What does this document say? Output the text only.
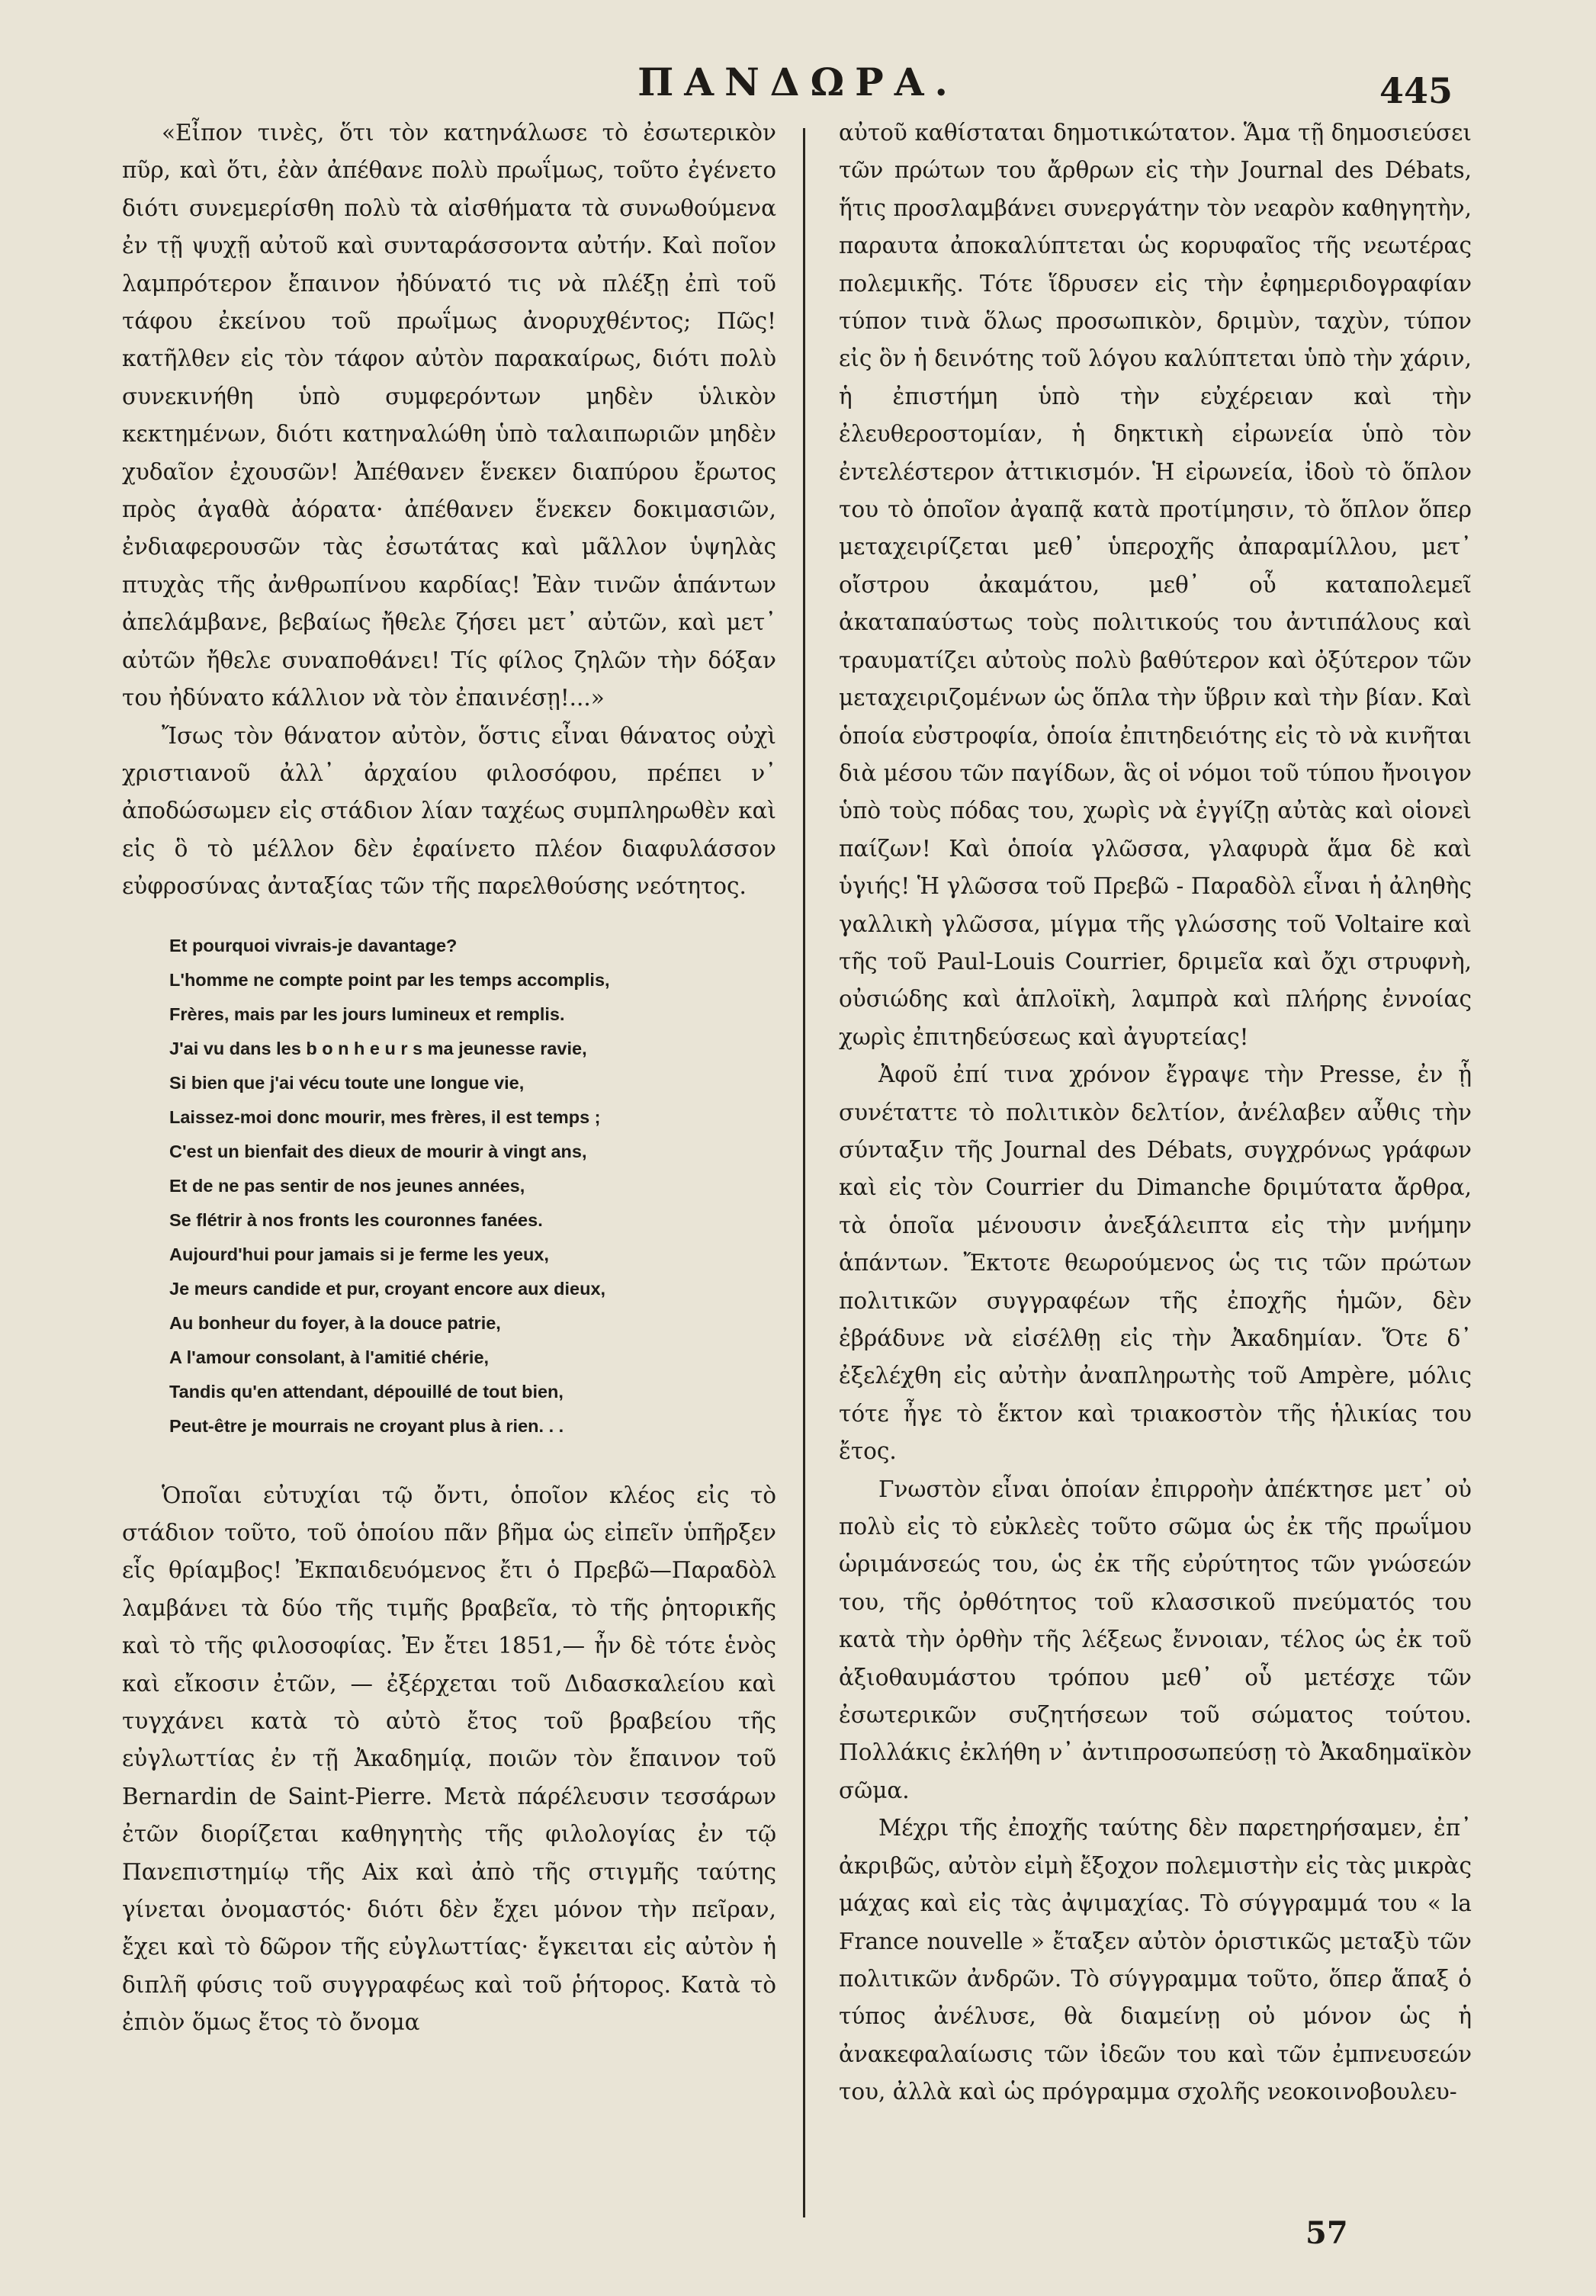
ΠΑΝΔΩΡΑ.	445

«Εἶπον τινὲς, ὅτι τὸν κατηνάλωσε τὸ ἐσωτερικὸν πῦρ, καὶ ὅτι, ἐὰν ἀπέθανε πολὺ πρωΐμως, τοῦτο ἐγένετο διότι συνεμερίσθη πολὺ τὰ αἰσθήματα τὰ συνωθούμενα ἐν τῇ ψυχῇ αὐτοῦ καὶ συνταράσσοντα αὐτήν. Καὶ ποῖον λαμπρότερον ἔπαινον ἠδύνατό τις νὰ πλέξῃ ἐπὶ τοῦ τάφου ἐκείνου τοῦ πρωΐμως ἀνορυχθέντος; Πῶς! κατῆλθεν εἰς τὸν τάφον αὐτὸν παρακαίρως, διότι πολὺ συνεκινήθη ὑπὸ συμφερόντων μηδὲν ὑλικὸν κεκτημένων, διότι κατηναλώθη ὑπὸ ταλαιπωριῶν μηδὲν χυδαῖον ἐχουσῶν! Ἀπέθανεν ἕνεκεν διαπύρου ἔρωτος πρὸς ἀγαθὰ ἀόρατα· ἀπέθανεν ἕνεκεν δοκιμασιῶν, ἐνδιαφερουσῶν τὰς ἐσωτάτας καὶ μᾶλλον ὑψηλὰς πτυχὰς τῆς ἀνθρωπίνου καρδίας! Ἐὰν τινῶν ἁπάντων ἀπελάμβανε, βεβαίως ἤθελε ζήσει μετ᾽ αὐτῶν, καὶ μετ᾽ αὐτῶν ἤθελε συναποθάνει! Τίς φίλος ζηλῶν τὴν δόξαν του ἠδύνατο κάλλιον νὰ τὸν ἐπαινέσῃ!...»

Ἴσως τὸν θάνατον αὐτὸν, ὅστις εἶναι θάνατος οὐχὶ χριστιανοῦ ἀλλ᾽ ἀρχαίου φιλοσόφου, πρέπει ν᾽ ἀποδώσωμεν εἰς στάδιον λίαν ταχέως συμπληρωθὲν καὶ εἰς ὃ τὸ μέλλον δὲν ἐφαίνετο πλέον διαφυλάσσον εὐφροσύνας ἀνταξίας τῶν τῆς παρελθούσης νεότητος.

Et pourquoi vivrais-je davantage?
L'homme ne compte point par les temps accomplis,
Frères, mais par les jours lumineux et remplis.
J'ai vu dans les b o n h e u r s ma jeunesse ravie,
Si bien que j'ai vécu toute une longue vie,
Laissez-moi donc mourir, mes frères, il est temps ;
C'est un bienfait des dieux de mourir à vingt ans,
Et de ne pas sentir de nos jeunes années,
Se flétrir à nos fronts les couronnes fanées.
Aujourd'hui pour jamais si je ferme les yeux,
Je meurs candide et pur, croyant encore aux dieux,
Au bonheur du foyer, à la douce patrie,
A l'amour consolant, à l'amitié chérie,
Tandis qu'en attendant, dépouillé de tout bien,
Peut-être je mourrais ne croyant plus à rien. . .

Ὁποῖαι εὐτυχίαι τῷ ὄντι, ὁποῖον κλέος εἰς τὸ στάδιον τοῦτο, τοῦ ὁποίου πᾶν βῆμα ὡς εἰπεῖν ὑπῆρξεν εἷς θρίαμβος! Ἐκπαιδευόμενος ἔτι ὁ Πρεβῶ—Παραδὸλ λαμβάνει τὰ δύο τῆς τιμῆς βραβεῖα, τὸ τῆς ῥητορικῆς καὶ τὸ τῆς φιλοσοφίας. Ἐν ἔτει 1851,— ἦν δὲ τότε ἑνὸς καὶ εἴκοσιν ἐτῶν, — ἐξέρχεται τοῦ Διδασκαλείου καὶ τυγχάνει κατὰ τὸ αὐτὸ ἔτος τοῦ βραβείου τῆς εὐγλωττίας ἐν τῇ Ἀκαδημίᾳ, ποιῶν τὸν ἔπαινον τοῦ Bernardin de Saint-Pierre. Μετὰ πάρέλευσιν τεσσάρων ἐτῶν διορίζεται καθηγητὴς τῆς φιλολογίας ἐν τῷ Πανεπιστημίῳ τῆς Aix καὶ ἀπὸ τῆς στιγμῆς ταύτης γίνεται ὀνομαστός· διότι δὲν ἔχει μόνον τὴν πεῖραν, ἔχει καὶ τὸ δῶρον τῆς εὐγλωττίας· ἔγκειται εἰς αὐτὸν ἡ διπλῆ φύσις τοῦ συγγραφέως καὶ τοῦ ῥήτορος. Κατὰ τὸ ἐπιὸν ὅμως ἔτος τὸ ὄνομα

αὐτοῦ καθίσταται δημοτικώτατον. Ἅμα τῇ δημοσιεύσει τῶν πρώτων του ἄρθρων εἰς τὴν Journal des Débats, ἥτις προσλαμβάνει συνεργάτην τὸν νεαρὸν καθηγητὴν, παραυτα ἀποκαλύπτεται ὡς κορυφαῖος τῆς νεωτέρας πολεμικῆς. Τότε ἵδρυσεν εἰς τὴν ἐφημεριδογραφίαν τύπον τινὰ ὅλως προσωπικὸν, δριμὺν, ταχὺν, τύπον εἰς ὃν ἡ δεινότης τοῦ λόγου καλύπτεται ὑπὸ τὴν χάριν, ἡ ἐπιστήμη ὑπὸ τὴν εὐχέρειαν καὶ τὴν ἐλευθεροστομίαν, ἡ δηκτικὴ εἰρωνεία ὑπὸ τὸν ἐντελέστερον ἀττικισμόν. Ἡ εἰρωνεία, ἰδοὺ τὸ ὅπλον του τὸ ὁποῖον ἀγαπᾷ κατὰ προτίμησιν, τὸ ὅπλον ὅπερ μεταχειρίζεται μεθ᾽ ὑπεροχῆς ἀπαραμίλλου, μετ᾽ οἴστρου ἀκαμάτου, μεθ᾽ οὗ καταπολεμεῖ ἀκαταπαύστως τοὺς πολιτικούς του ἀντιπάλους καὶ τραυματίζει αὐτοὺς πολὺ βαθύτερον καὶ ὀξύτερον τῶν μεταχειριζομένων ὡς ὅπλα τὴν ὕβριν καὶ τὴν βίαν. Καὶ ὁποία εὐστροφία, ὁποία ἐπιτηδειότης εἰς τὸ νὰ κινῆται διὰ μέσου τῶν παγίδων, ἃς οἱ νόμοι τοῦ τύπου ἤνοιγον ὑπὸ τοὺς πόδας του, χωρὶς νὰ ἐγγίζῃ αὐτὰς καὶ οἱονεὶ παίζων! Καὶ ὁποία γλῶσσα, γλαφυρὰ ἅμα δὲ καὶ ὑγιής! Ἡ γλῶσσα τοῦ Πρεβῶ - Παραδὸλ εἶναι ἡ ἀληθὴς γαλλικὴ γλῶσσα, μίγμα τῆς γλώσσης τοῦ Voltaire καὶ τῆς τοῦ Paul-Louis Courrier, δριμεῖα καὶ ὄχι στρυφνὴ, οὐσιώδης καὶ ἁπλοϊκὴ, λαμπρὰ καὶ πλήρης ἐννοίας χωρὶς ἐπιτηδεύσεως καὶ ἀγυρτείας!

Ἀφοῦ ἐπί τινα χρόνον ἔγραψε τὴν Presse, ἐν ᾗ συνέταττε τὸ πολιτικὸν δελτίον, ἀνέλαβεν αὖθις τὴν σύνταξιν τῆς Journal des Débats, συγχρόνως γράφων καὶ εἰς τὸν Courrier du Dimanche δριμύτατα ἄρθρα, τὰ ὁποῖα μένουσιν ἀνεξάλειπτα εἰς τὴν μνήμην ἁπάντων. Ἔκτοτε θεωρούμενος ὡς τις τῶν πρώτων πολιτικῶν συγγραφέων τῆς ἐποχῆς ἡμῶν, δὲν ἐβράδυνε νὰ εἰσέλθῃ εἰς τὴν Ἀκαδημίαν. Ὅτε δ᾽ ἐξελέχθη εἰς αὐτὴν ἀναπληρωτὴς τοῦ Ampère, μόλις τότε ἦγε τὸ ἕκτον καὶ τριακοστὸν τῆς ἡλικίας του ἔτος.

Γνωστὸν εἶναι ὁποίαν ἐπιρροὴν ἀπέκτησε μετ᾽ οὐ πολὺ εἰς τὸ εὐκλεὲς τοῦτο σῶμα ὡς ἐκ τῆς πρωΐμου ὡριμάνσεώς του, ὡς ἐκ τῆς εὐρύτητος τῶν γνώσεών του, τῆς ὀρθότητος τοῦ κλασσικοῦ πνεύματός του κατὰ τὴν ὀρθὴν τῆς λέξεως ἔννοιαν, τέλος ὡς ἐκ τοῦ ἀξιοθαυμάστου τρόπου μεθ᾽ οὗ μετέσχε τῶν ἐσωτερικῶν συζητήσεων τοῦ σώματος τούτου. Πολλάκις ἐκλήθη ν᾽ ἀντιπροσωπεύσῃ τὸ Ἀκαδημαϊκὸν σῶμα.

Μέχρι τῆς ἐποχῆς ταύτης δὲν παρετηρήσαμεν, ἐπ᾽ ἀκριβῶς, αὐτὸν εἰμὴ ἔξοχον πολεμιστὴν εἰς τὰς μικρὰς μάχας καὶ εἰς τὰς ἀψιμαχίας. Τὸ σύγγραμμά του « la France nouvelle » ἔταξεν αὐτὸν ὁριστικῶς μεταξὺ τῶν πολιτικῶν ἀνδρῶν. Τὸ σύγγραμμα τοῦτο, ὅπερ ἅπαξ ὁ τύπος ἀνέλυσε, θὰ διαμείνῃ οὐ μόνον ὡς ἡ ἀνακεφαλαίωσις τῶν ἰδεῶν του καὶ τῶν ἐμπνευσεών του, ἀλλὰ καὶ ὡς πρόγραμμα σχολῆς νεοκοινοβουλευ-

57
